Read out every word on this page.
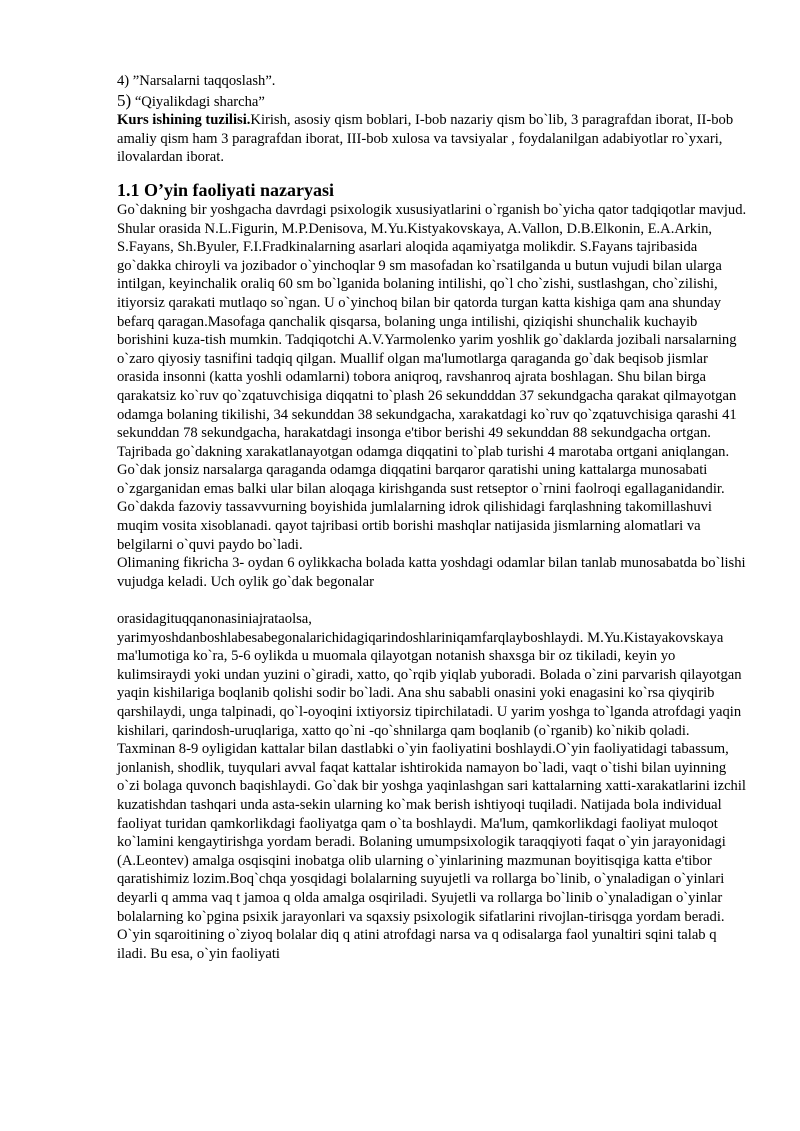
4) ”Narsalarni taqqoslash”.

5) “Qiyalikdagi sharcha”

Kurs ishining tuzilisi.Kirish, asosiy qism boblari, I-bob nazariy qism bo`lib, 3 paragrafdan iborat, II-bob amaliy qism ham 3 paragrafdan iborat, III-bob xulosa va tavsiyalar , foydalanilgan adabiyotlar ro`yxari, ilovalardan iborat.

1.1 O’yin faoliyati nazaryasi

Go`dakning bir yoshgacha davrdagi psixologik xususiyatlarini o`rganish bo`yicha qator tadqiqotlar mavjud. Shular orasida N.L.Figurin, M.P.Denisova, M.Yu.Kistyakovskaya, A.Vallon, D.B.Elkonin, E.A.Arkin, S.Fayans, Sh.Byuler, F.I.Fradkinalarning asarlari aloqida aqamiyatga molikdir. S.Fayans tajribasida go`dakka chiroyli va jozibador o`yinchoqlar 9 sm masofadan ko`rsatilganda u butun vujudi bilan ularga intilgan, keyinchalik oraliq 60 sm bo`lganida bolaning intilishi, qo`l cho`zishi, sustlashgan, cho`zilishi, itiyorsiz qarakati mutlaqo so`ngan. U o`yinchoq bilan bir qatorda turgan katta kishiga qam ana shunday befarq qaragan.Masofaga qanchalik qisqarsa, bolaning unga intilishi, qiziqishi shunchalik kuchayib borishini kuza-tish mumkin. Tadqiqotchi A.V.Yarmolenko yarim yoshlik go`daklarda jozibali narsalarning o`zaro qiyosiy tasnifini tadqiq qilgan. Muallif olgan ma'lumotlarga qaraganda go`dak beqisob jismlar orasida insonni (katta yoshli odamlarni) tobora aniqroq, ravshanroq ajrata boshlagan. Shu bilan birga qarakatsiz ko`ruv qo`zqatuvchisiga diqqatni to`plash 26 sekundddan 37 sekundgacha qarakat qilmayotgan odamga bolaning tikilishi, 34 sekunddan 38 sekundgacha, xarakatdagi ko`ruv qo`zqatuvchisiga qarashi 41 sekunddan 78 sekundgacha, harakatdagi insonga e'tibor berishi 49 sekunddan 88 sekundgacha ortgan. Tajribada go`dakning xarakatlanayotgan odamga diqqatini to`plab turishi 4 marotaba ortgani aniqlangan. Go`dak jonsiz narsalarga qaraganda odamga diqqatini barqaror qaratishi uning kattalarga munosabati o`zgarganidan emas balki ular bilan aloqaga kirishganda sust retseptor o`rnini faolroqi egallaganidandir. Go`dakda fazoviy tassavvurning boyishida jumlalarning idrok qilishidagi farqlashning takomillashuvi muqim vosita xisoblanadi. qayot tajribasi ortib borishi mashqlar natijasida jismlarning alomatlari va belgilarni o`quvi paydo bo`ladi.

Olimaning fikricha 3- oydan 6 oylikkacha bolada katta yoshdagi odamlar bilan tanlab munosabatda bo`lishi vujudga keladi. Uch oylik go`dak begonalar

orasidagituqqanonasiniajrataolsa, yarimyoshdanboshlabesabegonalarichidagiqarindoshlariniqamfarqlayboshlaydi. M.Yu.Kistayakovskaya ma'lumotiga ko`ra, 5-6 oylikda u muomala qilayotgan notanish shaxsga bir oz tikiladi, keyin yo kulimsiraydi yoki undan yuzini o`giradi, xatto, qo`rqib yiqlab yuboradi. Bolada o`zini parvarish qilayotgan yaqin kishilariga boqlanib qolishi sodir bo`ladi. Ana shu sababli onasini yoki enagasini ko`rsa qiyqirib qarshilaydi, unga talpinadi, qo`l-oyoqini ixtiyorsiz tipirchilatadi. U yarim yoshga to`lganda atrofdagi yaqin kishilari, qarindosh-uruqlariga, xatto qo`ni -qo`shnilarga qam boqlanib (o`rganib) ko`nikib qoladi. Taxminan 8-9 oyligidan kattalar bilan dastlabki o`yin faoliyatini boshlaydi.O`yin faoliyatidagi tabassum, jonlanish, shodlik, tuyqulari avval faqat kattalar ishtirokida namayon bo`ladi, vaqt o`tishi bilan uyinning o`zi bolaga quvonch baqishlaydi. Go`dak bir yoshga yaqinlashgan sari kattalarning xatti-xarakatlarini izchil kuzatishdan tashqari unda asta-sekin ularning ko`mak berish ishtiyoqi tuqiladi. Natijada bola individual faoliyat turidan qamkorlikdagi faoliyatga qam o`ta boshlaydi. Ma'lum, qamkorlikdagi faoliyat muloqot ko`lamini kengaytirishga yordam beradi. Bolaning umumpsixologik taraqqiyoti faqat o`yin jarayonidagi (A.Leontev) amalga osqisqini inobatga olib ularning o`yinlarining mazmunan boyitisqiga katta e'tibor qaratishimiz lozim.Boq`chqa yosqidagi bolalarning suyujetli va rollarga bo`linib, o`ynaladigan o`yinlari deyarli q amma vaq t jamoa q olda amalga osqiriladi. Syujetli va rollarga bo`linib o`ynaladigan o`yinlar bolalarning ko`pgina psixik jarayonlari va sqaxsiy psixologik sifatlarini rivojlan-tirisqga yordam beradi. O`yin sqaroitining o`ziyoq bolalar diq q atini atrofdagi narsa va q odisalarga faol yunaltiri sqini talab q iladi. Bu esa, o`yin faoliyati
